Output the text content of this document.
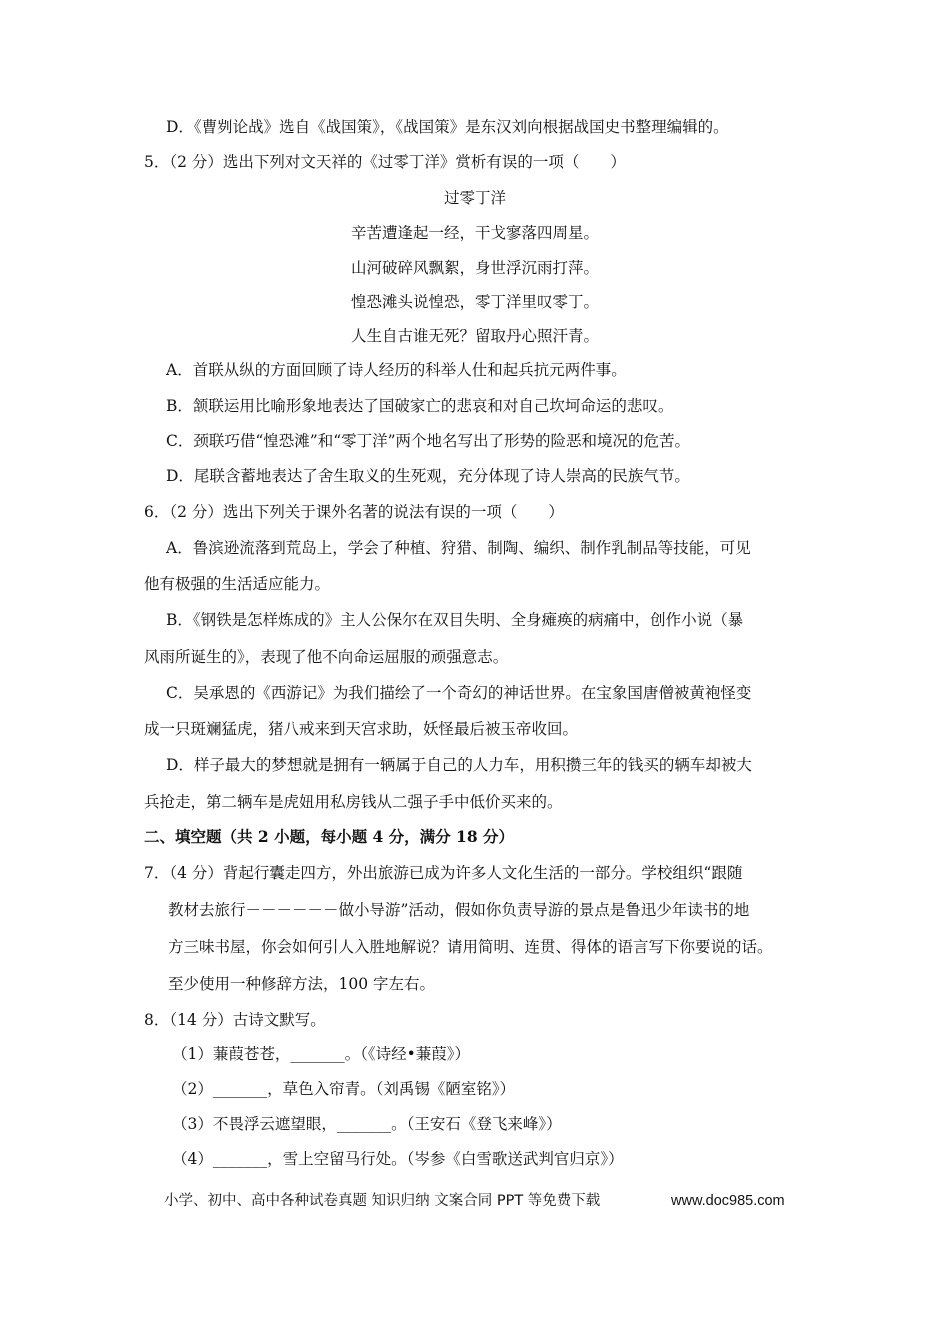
D．《曹刿论战》选自《战国策》，《战国策》是东汉刘向根据战国史书整理编辑的。
5．（2 分）选出下列对文天祥的《过零丁洋》赏析有误的一项（　　）
过零丁洋
辛苦遭逢起一经，干戈寥落四周星。
山河破碎风飘絮，身世浮沉雨打萍。
惶恐滩头说惶恐，零丁洋里叹零丁。
人生自古谁无死？留取丹心照汗青。
A．首联从纵的方面回顾了诗人经历的科举人仕和起兵抗元两件事。
B．颔联运用比喻形象地表达了国破家亡的悲哀和对自己坎坷命运的悲叹。
C．颈联巧借“惶恐滩”和“零丁洋”两个地名写出了形势的险恶和境况的危苦。
D．尾联含蓄地表达了舍生取义的生死观，充分体现了诗人崇高的民族气节。
6．（2 分）选出下列关于课外名著的说法有误的一项（　　）
A．鲁滨逊流落到荒岛上，学会了种植、狩猎、制陶、编织、制作乳制品等技能，可见
他有极强的生活适应能力。
B．《钢铁是怎样炼成的》主人公保尔在双目失明、全身瘫痪的病痛中，创作小说（暴
风雨所诞生的》，表现了他不向命运屈服的顽强意志。
C．吴承恩的《西游记》为我们描绘了一个奇幻的神话世界。在宝象国唐僧被黄袍怪变
成一只斑斓猛虎，猪八戒来到天宫求助，妖怪最后被玉帝收回。
D．样子最大的梦想就是拥有一辆属于自己的人力车，用积攒三年的钱买的辆车却被大
兵抢走，第二辆车是虎妞用私房钱从二强子手中低价买来的。
二、填空题（共 2 小题，每小题 4 分，满分 18 分）
7．（4 分）背起行囊走四方，外出旅游已成为许多人文化生活的一部分。学校组织“跟随
教材去旅行－－－－－－做小导游”活动，假如你负责导游的景点是鲁迅少年读书的地
方三味书屋，你会如何引人入胜地解说？请用简明、连贯、得体的语言写下你要说的话。
至少使用一种修辞方法，100 字左右。
8．（14 分）古诗文默写。
（1）蒹葭苍苍，_______。（《诗经•蒹葭》）
（2）_______，草色入帘青。（刘禹锡《陋室铭》）
（3）不畏浮云遮望眼，_______。（王安石《登飞来峰》）
（4）_______，雪上空留马行处。（岑参《白雪歌送武判官归京》）
小学、初中、高中各种试卷真题 知识归纳 文案合同 PPT 等免费下载	www.doc985.com
